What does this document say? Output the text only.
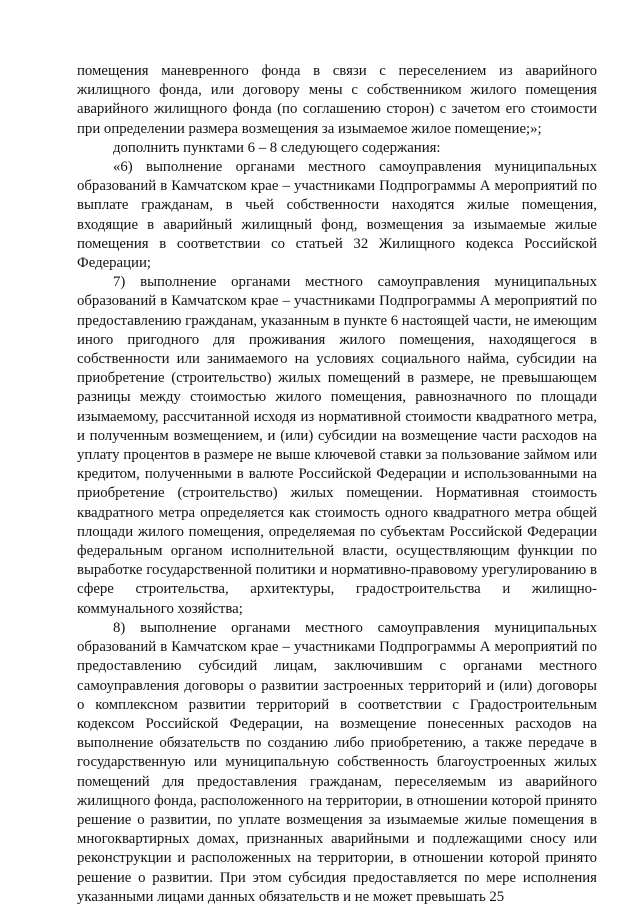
помещения маневренного фонда в связи с переселением из аварийного жилищного фонда, или договору мены с собственником жилого помещения аварийного жилищного фонда (по соглашению сторон) с зачетом его стоимости при определении размера возмещения за изымаемое жилое помещение;»;

дополнить пунктами 6 – 8 следующего содержания:

«6) выполнение органами местного самоуправления муниципальных образований в Камчатском крае – участниками Подпрограммы А мероприятий по выплате гражданам, в чьей собственности находятся жилые помещения, входящие в аварийный жилищный фонд, возмещения за изымаемые жилые помещения в соответствии со статьей 32 Жилищного кодекса Российской Федерации;

7) выполнение органами местного самоуправления муниципальных образований в Камчатском крае – участниками Подпрограммы А мероприятий по предоставлению гражданам, указанным в пункте 6 настоящей части, не имеющим иного пригодного для проживания жилого помещения, находящегося в собственности или занимаемого на условиях социального найма, субсидии на приобретение (строительство) жилых помещений в размере, не превышающем разницы между стоимостью жилого помещения, равнозначного по площади изымаемому, рассчитанной исходя из нормативной стоимости квадратного метра, и полученным возмещением, и (или) субсидии на возмещение части расходов на уплату процентов в размере не выше ключевой ставки за пользование займом или кредитом, полученными в валюте Российской Федерации и использованными на приобретение (строительство) жилых помещении. Нормативная стоимость квадратного метра определяется как стоимость одного квадратного метра общей площади жилого помещения, определяемая по субъектам Российской Федерации федеральным органом исполнительной власти, осуществляющим функции по выработке государственной политики и нормативно-правовому урегулированию в сфере строительства, архитектуры, градостроительства и жилищно-коммунального хозяйства;

8) выполнение органами местного самоуправления муниципальных образований в Камчатском крае – участниками Подпрограммы А мероприятий по предоставлению субсидий лицам, заключившим с органами местного самоуправления договоры о развитии застроенных территорий и (или) договоры о комплексном развитии территорий в соответствии с Градостроительным кодексом Российской Федерации, на возмещение понесенных расходов на выполнение обязательств по созданию либо приобретению, а также передаче в государственную или муниципальную собственность благоустроенных жилых помещений для предоставления гражданам, переселяемым из аварийного жилищного фонда, расположенного на территории, в отношении которой принято решение о развитии, по уплате возмещения за изымаемые жилые помещения в многоквартирных домах, признанных аварийными и подлежащими сносу или реконструкции и расположенных на территории, в отношении которой принято решение о развитии. При этом субсидия предоставляется по мере исполнения указанными лицами данных обязательств и не может превышать 25
